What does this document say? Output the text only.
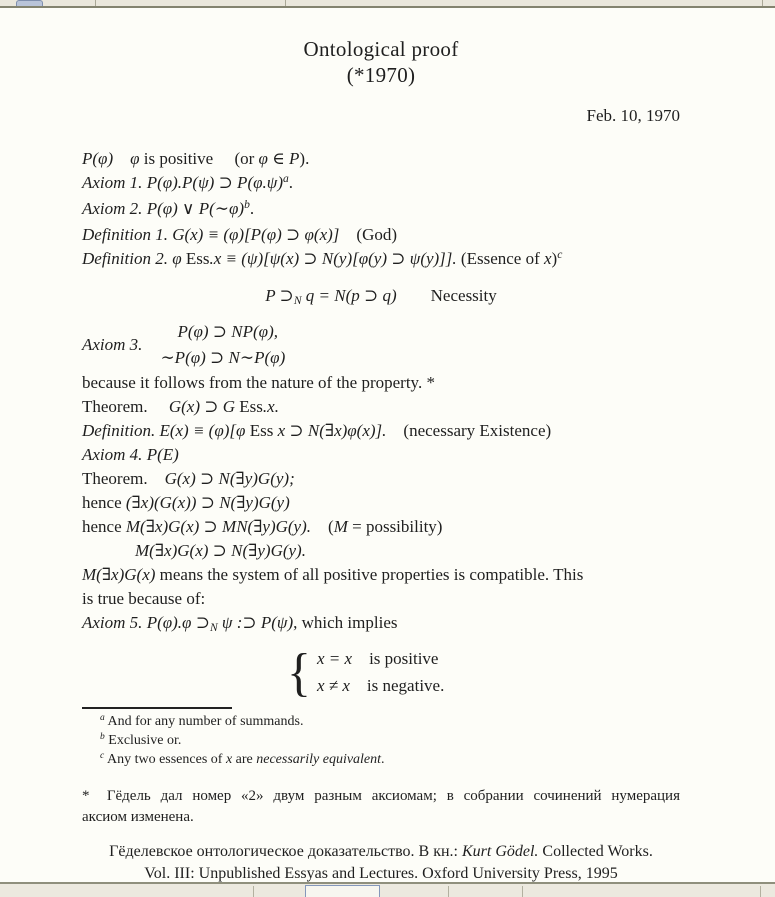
Ontological proof
(*1970)
Feb. 10, 1970
P(φ)  φ is positive  (or φ ∈ P).
Axiom 1. P(φ).P(ψ) ⊃ $P(\varphi.\psi)^a$.
Axiom 2. P(φ) ∨ P(∼φ)$^b$.
Definition 1. G(x) ≡ (φ)[P(φ) ⊃ φ(x)] (God)
Definition 2. φ Ess.x ≡ (ψ)[ψ(x) ⊃ N(y)[φ(y) ⊃ ψ(y)]]. (Essence of x)$^c$
P ⊃N q = N(p ⊃ q)  Necessity
Axiom 3.
P(φ) ⊃ NP(φ),
∼P(φ) ⊃ N∼P(φ)
because it follows from the nature of the property. *
Theorem.  G(x) ⊃ G Ess.x.
Definition. E(x) ≡ (φ)[φ Ess x ⊃ N(∃x)φ(x)]. (necessary Existence)
Axiom 4. P(E)
Theorem.   G(x) ⊃ N(∃y)G(y);
hence (∃x)(G(x)) ⊃ N(∃y)G(y)
hence M(∃x)G(x) ⊃ MN(∃y)G(y). (M = possibility)
M(∃x)G(x) ⊃ N(∃y)G(y).
M(∃x)G(x) means the system of all positive properties is compatible. This
is true because of:
Axiom 5. P(φ).φ ⊃N ψ :⊃ P(ψ), which implies
{ x = x is positive
x ≠ x is negative.
$^a$ And for any number of summands.
$^b$ Exclusive or.
$^c$ Any two essences of x are necessarily equivalent.
*  Гёдель дал номер «2» двум разным аксиомам; в собрании сочинений нумерация
аксиом изменена.
Гёделевское онтологическое доказательство. В кн.: Kurt Gödel. Collected Works.
Vol. III: Unpublished Essyas and Lectures. Oxford University Press, 1995
